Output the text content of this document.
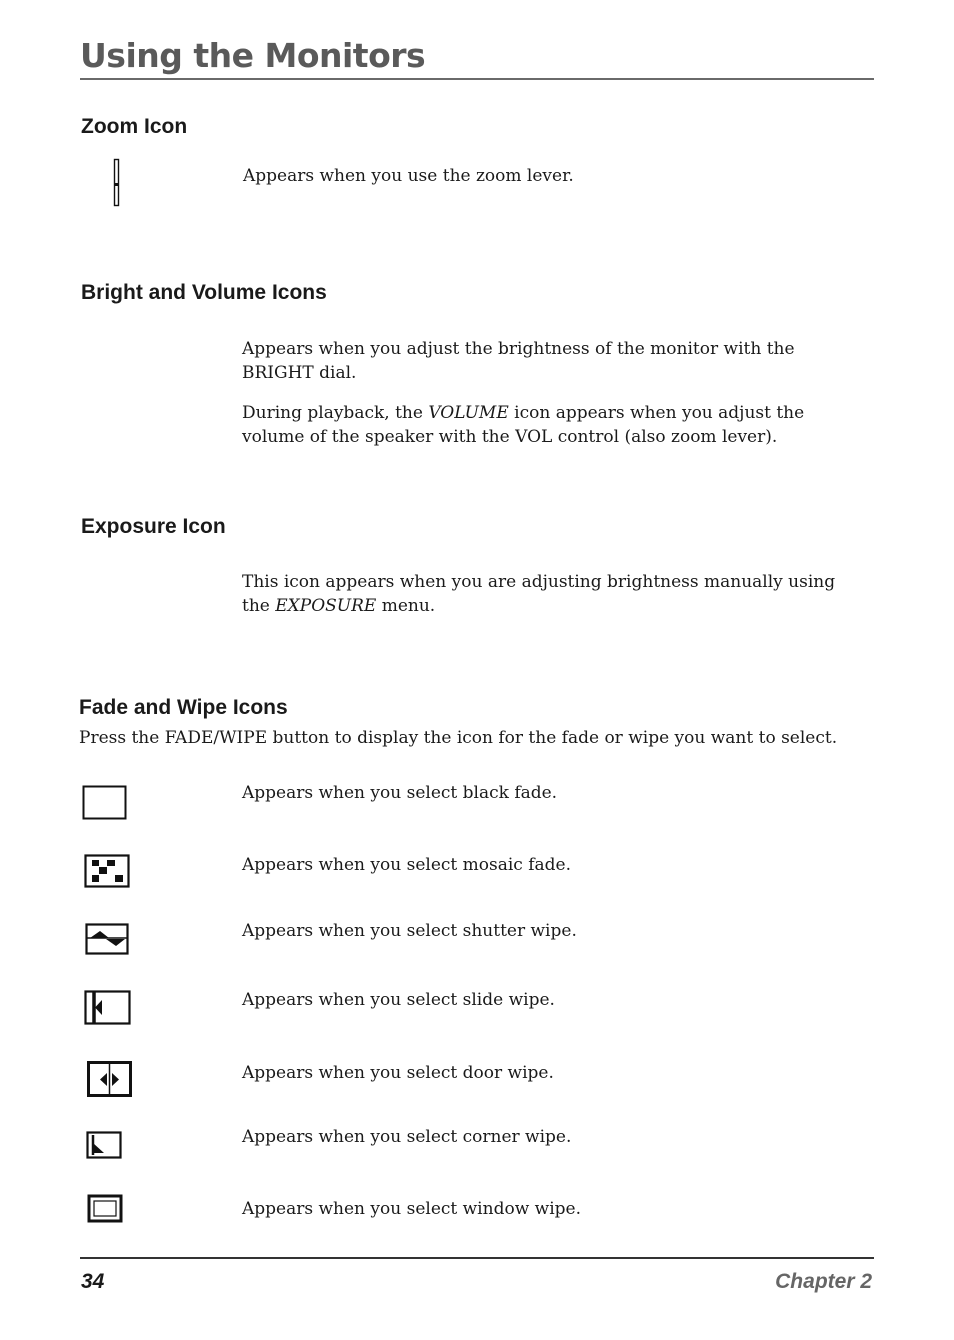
Using the Monitors
Zoom Icon

Appears when you use the zoom lever.

Bright and Volume Icons

Appears when you adjust the brightness of the monitor with the BRIGHT dial.

During playback, the VOLUME icon appears when you adjust the volume of the speaker with the VOL control (also zoom lever).

Exposure Icon

This icon appears when you are adjusting brightness manually using the EXPOSURE menu.

Fade and Wipe Icons

Press the FADE/WIPE button to display the icon for the fade or wipe you want to select.

Appears when you select black fade.

Appears when you select mosaic fade.

Appears when you select shutter wipe.

Appears when you select slide wipe.

Appears when you select door wipe.

Appears when you select corner wipe.

Appears when you select window wipe.

34	Chapter 2
